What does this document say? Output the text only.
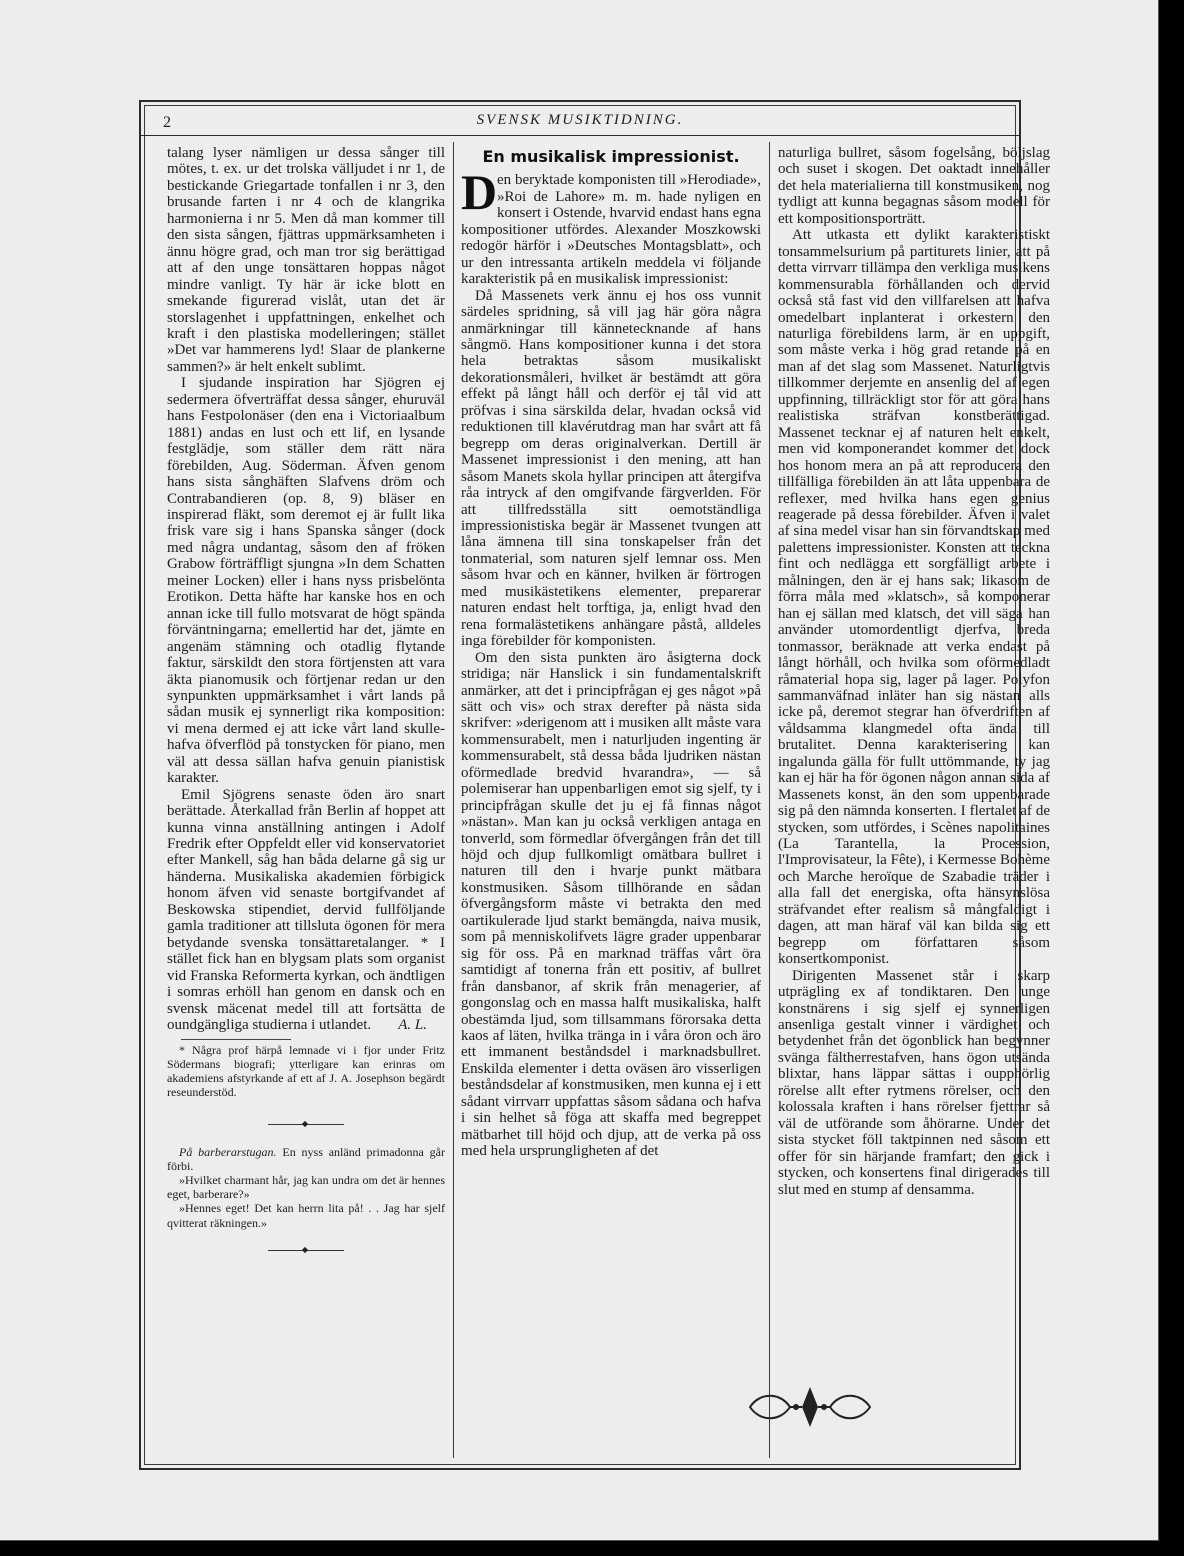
2	SVENSK MUSIKTIDNING.

talang lyser nämligen ur dessa sånger till mötes, t. ex. ur det trolska välljudet i nr 1, de bestickande Griegartade tonfallen i nr 3, den brusande farten i nr 4 och de klangrika harmonierna i nr 5. Men då man kommer till den sista sången, fjättras uppmärksamheten i ännu högre grad, och man tror sig berättigad att af den unge tonsättaren hoppas något mindre vanligt. Ty här är icke blott en smekande figurerad vislåt, utan det är storslagenhet i uppfattningen, enkelhet och kraft i den plastiska modelleringen; stället »Det var hammerens lyd! Slaar de plankerne sammen?» är helt enkelt sublimt.

I sjudande inspiration har Sjögren ej sedermera öfverträffat dessa sånger, ehuruväl hans Festpolonäser (den ena i Victoriaalbum 1881) andas en lust och ett lif, en lysande festglädje, som ställer dem rätt nära förebilden, Aug. Söderman. Äfven genom hans sista sånghäften Slafvens dröm och Contrabandieren (op. 8, 9) bläser en inspirerad fläkt, som deremot ej är fullt lika frisk vare sig i hans Spanska sånger (dock med några undantag, såsom den af fröken Grabow förträffligt sjungna »In dem Schatten meiner Locken) eller i hans nyss prisbelönta Erotikon. Detta häfte har kanske hos en och annan icke till fullo motsvarat de högt spända förväntningarna; emellertid har det, jämte en angenäm stämning och otadlig flytande faktur, särskildt den stora förtjensten att vara äkta pianomusik och förtjenar redan ur den synpunkten uppmärksamhet i vårt lands på sådan musik ej synnerligt rika komposition: vi mena dermed ej att icke vårt land skulle-hafva öfverflöd på tonstycken för piano, men väl att dessa sällan hafva genuin pianistisk karakter.

Emil Sjögrens senaste öden äro snart berättade. Återkallad från Berlin af hoppet att kunna vinna anställning antingen i Adolf Fredrik efter Oppfeldt eller vid konservatoriet efter Mankell, såg han båda delarne gå sig ur händerna. Musikaliska akademien förbigick honom äfven vid senaste bortgifvandet af Beskowska stipendiet, dervid fullföljande gamla traditioner att tillsluta ögonen för mera betydande svenska tonsättaretalanger. * I stället fick han en blygsam plats som organist vid Franska Reformerta kyrkan, och ändtligen i somras erhöll han genom en dansk och en svensk mäcenat medel till att fortsätta de oundgängliga studierna i utlandet.	A. L.

* Några prof härpå lemnade vi i fjor under Fritz Södermans biografi; ytterligare kan erinras om akademiens afstyrkande af ett af J. A. Josephson begärdt reseunderstöd.

På barberarstugan. En nyss anländ primadonna går förbi.

»Hvilket charmant hår, jag kan undra om det är hennes eget, barberare?»

»Hennes eget! Det kan herrn lita på! . . Jag har sjelf qvitterat räkningen.»

En musikalisk impressionist.

Den beryktade komponisten till »Herodiade», »Roi de Lahore» m. m. hade nyligen en konsert i Ostende, hvarvid endast hans egna kompositioner utfördes. Alexander Moszkowski redogör härför i »Deutsches Montagsblatt», och ur den intressanta artikeln meddela vi följande karakteristik på en musikalisk impressionist:

Då Massenets verk ännu ej hos oss vunnit särdeles spridning, så vill jag här göra några anmärkningar till kännetecknande af hans sångmö. Hans kompositioner kunna i det stora hela betraktas såsom musikaliskt dekorationsmåleri, hvilket är bestämdt att göra effekt på långt håll och derför ej tål vid att pröfvas i sina särskilda delar, hvadan också vid reduktionen till klavérutdrag man har svårt att få begrepp om deras originalverkan. Dertill är Massenet impressionist i den mening, att han såsom Manets skola hyllar principen att återgifva råa intryck af den omgifvande färgverlden. För att tillfredsställa sitt oemotständliga impressionistiska begär är Massenet tvungen att låna ämnena till sina tonskapelser från det tonmaterial, som naturen sjelf lemnar oss. Men såsom hvar och en känner, hvilken är förtrogen med musikästetikens elementer, preparerar naturen endast helt torftiga, ja, enligt hvad den rena formalästetikens anhängare påstå, alldeles inga förebilder för komponisten.

Om den sista punkten äro åsigterna dock stridiga; när Hanslick i sin fundamentalskrift anmärker, att det i principfrågan ej ges något »på sätt och vis» och strax derefter på nästa sida skrifver: »derigenom att i musiken allt måste vara kommensurabelt, men i naturljuden ingenting är kommensurabelt, stå dessa båda ljudriken nästan oförmedlade bredvid hvarandra», — så polemiserar han uppenbarligen emot sig sjelf, ty i principfrågan skulle det ju ej få finnas något »nästan». Man kan ju också verkligen antaga en tonverld, som förmedlar öfvergången från det till höjd och djup fullkomligt omätbara bullret i naturen till den i hvarje punkt mätbara konstmusiken. Såsom tillhörande en sådan öfvergångsform måste vi betrakta den med oartikulerade ljud starkt bemängda, naiva musik, som på menniskolifvets lägre grader uppenbarar sig för oss. På en marknad träffas vårt öra samtidigt af tonerna från ett positiv, af bullret från dansbanor, af skrik från menagerier, af gongonslag och en massa halft musikaliska, halft obestämda ljud, som tillsammans förorsaka detta kaos af läten, hvilka tränga in i våra öron och äro ett immanent beståndsdel i marknadsbullret. Enskilda elementer i detta oväsen äro visserligen beståndsdelar af konstmusiken, men kunna ej i ett sådant virrvarr uppfattas såsom sådana och hafva i sin helhet så föga att skaffa med begreppet mätbarhet till höjd och djup, att de verka på oss med hela ursprungligheten af det

naturliga bullret, såsom fogelsång, böljslag och suset i skogen. Det oaktadt innehåller det hela materialierna till konstmusiken, nog tydligt att kunna begagnas såsom modell för ett kompositionsporträtt.

Att utkasta ett dylikt karakteristiskt tonsammelsurium på partiturets linier, att på detta virrvarr tillämpa den verkliga musikens kommensurabla förhållanden och dervid också stå fast vid den villfarelsen att hafva omedelbart inplanterat i orkestern den naturliga förebildens larm, är en uppgift, som måste verka i hög grad retande på en man af det slag som Massenet. Naturligtvis tillkommer derjemte en ansenlig del af egen uppfinning, tillräckligt stor för att göra hans realistiska sträfvan konstberättigad. Massenet tecknar ej af naturen helt enkelt, men vid komponerandet kommer det dock hos honom mera an på att reproducera den tillfälliga förebilden än att låta uppenbara de reflexer, med hvilka hans egen genius reagerade på dessa förebilder. Äfven i valet af sina medel visar han sin förvandtskap med palettens impressionister. Konsten att teckna fint och nedlägga ett sorgfälligt arbete i målningen, den är ej hans sak; likasom de förra måla med »klatsch», så komponerar han ej sällan med klatsch, det vill säga han använder utomordentligt djerfva, breda tonmassor, beräknade att verka endast på långt hörhåll, och hvilka som oförmedladt råmaterial hopa sig, lager på lager. Polyfon sammanväfnad inläter han sig nästan alls icke på, deremot stegrar han öfverdriften af våldsamma klangmedel ofta ända till brutalitet. Denna karakterisering kan ingalunda gälla för fullt uttömmande, ty jag kan ej här ha för ögonen någon annan sida af Massenets konst, än den som uppenbarade sig på den nämnda konserten. I flertalet af de stycken, som utfördes, i Scènes napolitaines (La Tarantella, la Procession, l'Improvisateur, la Fête), i Kermesse Bohème och Marche heroïque de Szabadie träder i alla fall det energiska, ofta hänsynslösa sträfvandet efter realism så mångfaldigt i dagen, att man häraf väl kan bilda sig ett begrepp om författaren såsom konsertkomponist.

Dirigenten Massenet står i skarp utprägling ex af tondiktaren. Den unge konstnärens i sig sjelf ej synnerligen ansenliga gestalt vinner i värdighet och betydenhet från det ögonblick han begynner svänga fältherrestafven, hans ögon utsända blixtar, hans läppar sättas i oupphörlig rörelse allt efter rytmens rörelser, och den kolossala kraften i hans rörelser fjettrar så väl de utförande som åhörarne. Under det sista stycket föll taktpinnen ned såsom ett offer för sin härjande framfart; den gick i stycken, och konsertens final dirigerades till slut med en stump af densamma.
